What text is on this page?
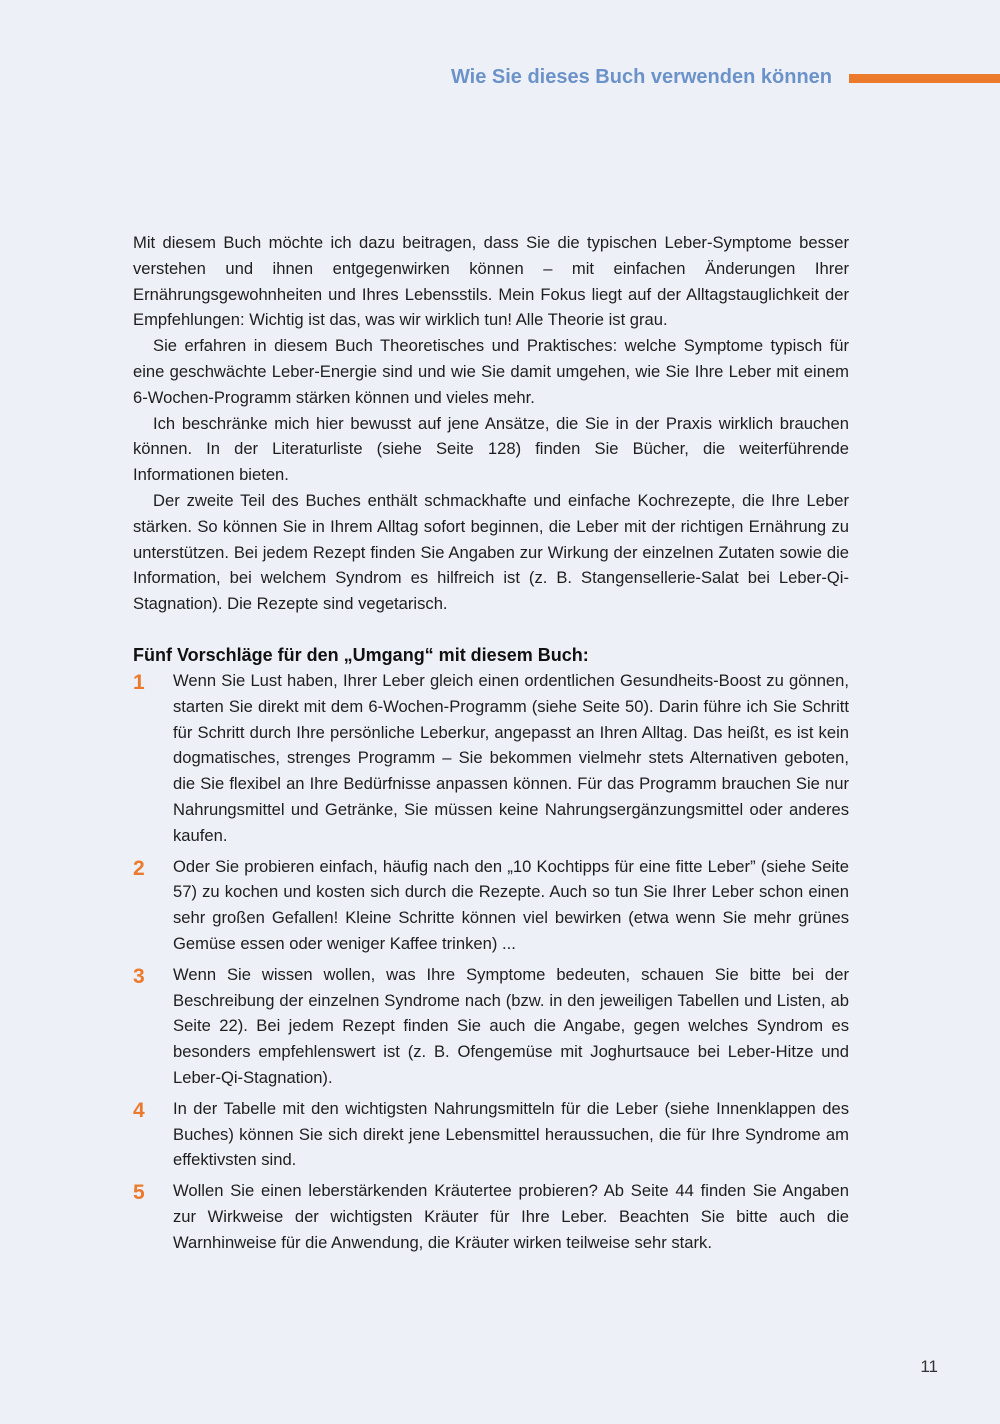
Wie Sie dieses Buch verwenden können

Mit diesem Buch möchte ich dazu beitragen, dass Sie die typischen Leber-Symptome besser verstehen und ihnen entgegenwirken können – mit einfachen Änderungen Ihrer Ernährungsgewohnheiten und Ihres Lebensstils. Mein Fokus liegt auf der Alltagstauglichkeit der Empfehlungen: Wichtig ist das, was wir wirklich tun! Alle Theorie ist grau.

Sie erfahren in diesem Buch Theoretisches und Praktisches: welche Symptome typisch für eine geschwächte Leber-Energie sind und wie Sie damit umgehen, wie Sie Ihre Leber mit einem 6-Wochen-Programm stärken können und vieles mehr.

Ich beschränke mich hier bewusst auf jene Ansätze, die Sie in der Praxis wirklich brauchen können. In der Literaturliste (siehe Seite 128) finden Sie Bücher, die weiterführende Informationen bieten.

Der zweite Teil des Buches enthält schmackhafte und einfache Kochrezepte, die Ihre Leber stärken. So können Sie in Ihrem Alltag sofort beginnen, die Leber mit der richtigen Ernährung zu unterstützen. Bei jedem Rezept finden Sie Angaben zur Wirkung der einzelnen Zutaten sowie die Information, bei welchem Syndrom es hilfreich ist (z. B. Stangensellerie-Salat bei Leber-Qi-Stagnation). Die Rezepte sind vegetarisch.

Fünf Vorschläge für den „Umgang“ mit diesem Buch:
1 Wenn Sie Lust haben, Ihrer Leber gleich einen ordentlichen Gesundheits-Boost zu gönnen, starten Sie direkt mit dem 6-Wochen-Programm (siehe Seite 50). Darin führe ich Sie Schritt für Schritt durch Ihre persönliche Leberkur, angepasst an Ihren Alltag. Das heißt, es ist kein dogmatisches, strenges Programm – Sie bekommen vielmehr stets Alternativen geboten, die Sie flexibel an Ihre Bedürfnisse anpassen können. Für das Programm brauchen Sie nur Nahrungsmittel und Getränke, Sie müssen keine Nahrungsergänzungsmittel oder anderes kaufen.
2 Oder Sie probieren einfach, häufig nach den „10 Kochtipps für eine fitte Leber” (siehe Seite 57) zu kochen und kosten sich durch die Rezepte. Auch so tun Sie Ihrer Leber schon einen sehr großen Gefallen! Kleine Schritte können viel bewirken (etwa wenn Sie mehr grünes Gemüse essen oder weniger Kaffee trinken) ...
3 Wenn Sie wissen wollen, was Ihre Symptome bedeuten, schauen Sie bitte bei der Beschreibung der einzelnen Syndrome nach (bzw. in den jeweiligen Tabellen und Listen, ab Seite 22). Bei jedem Rezept finden Sie auch die Angabe, gegen welches Syndrom es besonders empfehlenswert ist (z. B. Ofengemüse mit Joghurtsauce bei Leber-Hitze und Leber-Qi-Stagnation).
4 In der Tabelle mit den wichtigsten Nahrungsmitteln für die Leber (siehe Innenklappen des Buches) können Sie sich direkt jene Lebensmittel heraussuchen, die für Ihre Syndrome am effektivsten sind.
5 Wollen Sie einen leberstärkenden Kräutertee probieren? Ab Seite 44 finden Sie Angaben zur Wirkweise der wichtigsten Kräuter für Ihre Leber. Beachten Sie bitte auch die Warnhinweise für die Anwendung, die Kräuter wirken teilweise sehr stark.
11
